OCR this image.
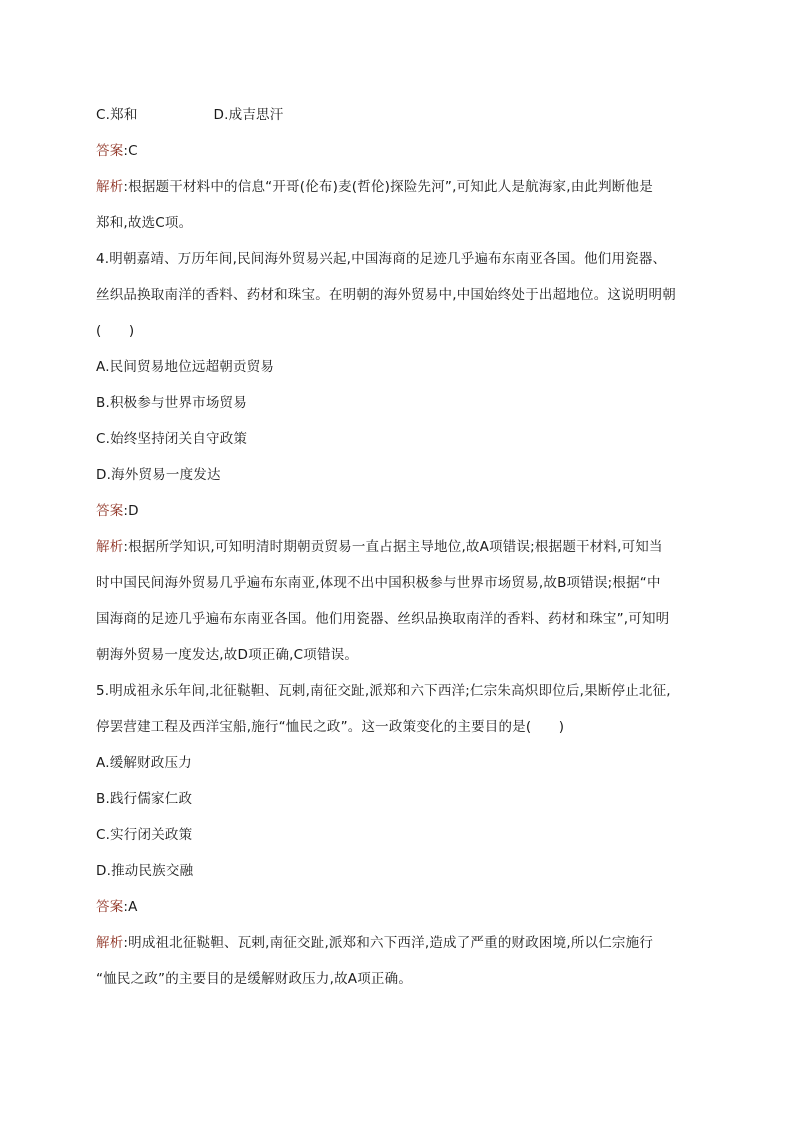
C.郑和	D.成吉思汗
答案:C
解析:根据题干材料中的信息“开哥(伦布)麦(哲伦)探险先河”,可知此人是航海家,由此判断他是
郑和,故选C项。
4.明朝嘉靖、万历年间,民间海外贸易兴起,中国海商的足迹几乎遍布东南亚各国。他们用瓷器、
丝织品换取南洋的香料、药材和珠宝。在明朝的海外贸易中,中国始终处于出超地位。这说明明朝
(　　)
A.民间贸易地位远超朝贡贸易
B.积极参与世界市场贸易
C.始终坚持闭关自守政策
D.海外贸易一度发达
答案:D
解析:根据所学知识,可知明清时期朝贡贸易一直占据主导地位,故A项错误;根据题干材料,可知当
时中国民间海外贸易几乎遍布东南亚,体现不出中国积极参与世界市场贸易,故B项错误;根据“中
国海商的足迹几乎遍布东南亚各国。他们用瓷器、丝织品换取南洋的香料、药材和珠宝”,可知明
朝海外贸易一度发达,故D项正确,C项错误。
5.明成祖永乐年间,北征鞑靼、瓦剌,南征交趾,派郑和六下西洋;仁宗朱高炽即位后,果断停止北征,
停罢营建工程及西洋宝船,施行“恤民之政”。这一政策变化的主要目的是(　　)
A.缓解财政压力
B.践行儒家仁政
C.实行闭关政策
D.推动民族交融
答案:A
解析:明成祖北征鞑靼、瓦剌,南征交趾,派郑和六下西洋,造成了严重的财政困境,所以仁宗施行
“恤民之政”的主要目的是缓解财政压力,故A项正确。
